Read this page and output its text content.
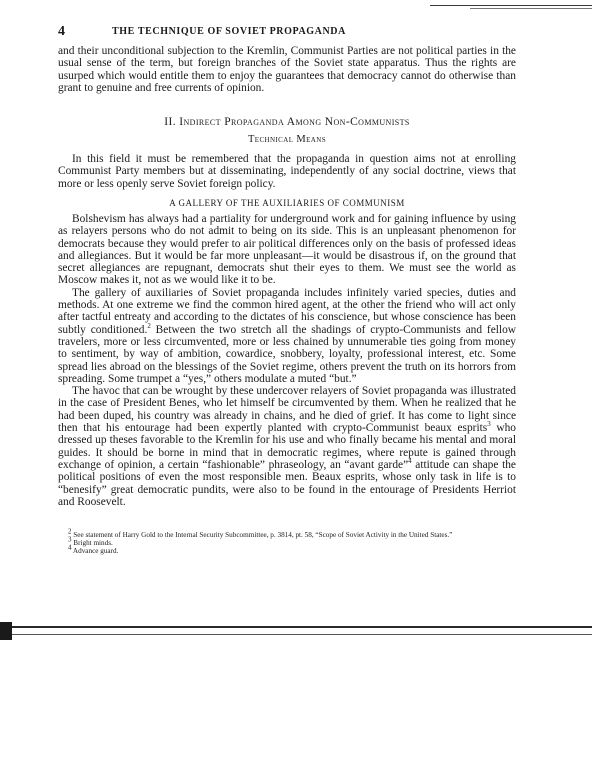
4	THE TECHNIQUE OF SOVIET PROPAGANDA

and their unconditional subjection to the Kremlin, Communist Parties are not political parties in the usual sense of the term, but foreign branches of the Soviet state apparatus. Thus the rights are usurped which would entitle them to enjoy the guarantees that democracy cannot do otherwise than grant to genuine and free currents of opinion.

II. Indirect Propaganda Among Non-Communists
Technical Means

In this field it must be remembered that the propaganda in question aims not at enrolling Communist Party members but at disseminating, independently of any social doctrine, views that more or less openly serve Soviet foreign policy.

A GALLERY OF THE AUXILIARIES OF COMMUNISM

Bolshevism has always had a partiality for underground work and for gaining influence by using as relayers persons who do not admit to being on its side. This is an unpleasant phenomenon for democrats because they would prefer to air political differences only on the basis of professed ideas and allegiances. But it would be far more unpleasant—it would be disastrous if, on the ground that secret allegiances are repugnant, democrats shut their eyes to them. We must see the world as Moscow makes it, not as we would like it to be.

The gallery of auxiliaries of Soviet propaganda includes infinitely varied species, duties and methods. At one extreme we find the common hired agent, at the other the friend who will act only after tactful entreaty and according to the dictates of his conscience, but whose conscience has been subtly conditioned.$^2$ Between the two stretch all the shadings of crypto-Communists and fellow travelers, more or less circumvented, more or less chained by unnumerable ties going from money to sentiment, by way of ambition, cowardice, snobbery, loyalty, professional interest, etc. Some spread lies abroad on the blessings of the Soviet regime, others prevent the truth on its horrors from spreading. Some trumpet a “yes,” others modulate a muted “but.”

The havoc that can be wrought by these undercover relayers of Soviet propaganda was illustrated in the case of President Benes, who let himself be circumvented by them. When he realized that he had been duped, his country was already in chains, and he died of grief. It has come to light since then that his entourage had been expertly planted with crypto-Communist beaux esprits$^3$ who dressed up theses favorable to the Kremlin for his use and who finally became his mental and moral guides. It should be borne in mind that in democratic regimes, where repute is gained through exchange of opinion, a certain “fashionable” phraseology, an “avant garde”$^4$ attitude can shape the political positions of even the most responsible men. Beaux esprits, whose only task in life is to “benesify” great democratic pundits, were also to be found in the entourage of Presidents Herriot and Roosevelt.

$^2$ See statement of Harry Gold to the Internal Security Subcommittee, p. 3814, pt. 58, “Scope of Soviet Activity in the United States.”

$^3$ Bright minds.

$^4$ Advance guard.
